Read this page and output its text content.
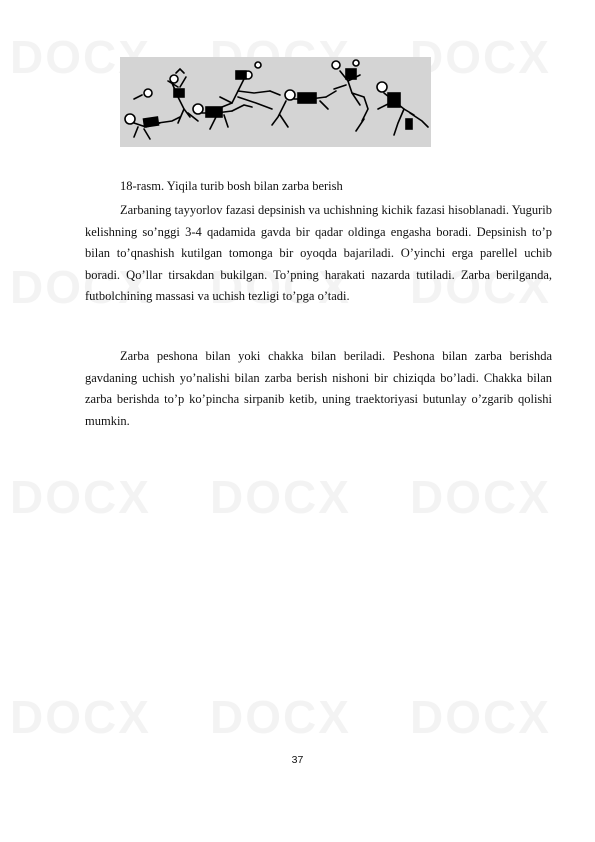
18-rasm. Yiqila turib bosh bilan zarba berish

Zarbaning tayyorlov fazasi depsinish va uchishning kichik fazasi hisoblanadi. Yugurib kelishning so’nggi 3-4 qadamida gavda bir qadar oldinga engasha boradi. Depsinish to’p bilan to’qnashish kutilgan tomonga bir oyoqda bajariladi. O’yinchi erga parellel uchib boradi. Qo’llar tirsakdan bukilgan. To’pning harakati nazarda tutiladi. Zarba berilganda, futbolchining massasi va uchish tezligi to’pga o’tadi.

Zarba peshona bilan yoki chakka bilan beriladi. Peshona bilan zarba berishda gavdaning uchish yo’nalishi bilan zarba berish nishoni bir chiziqda bo’ladi. Chakka bilan zarba berishda to’p ko’pincha sirpanib ketib, uning traektoriyasi butunlay o’zgarib qolishi mumkin.

37
